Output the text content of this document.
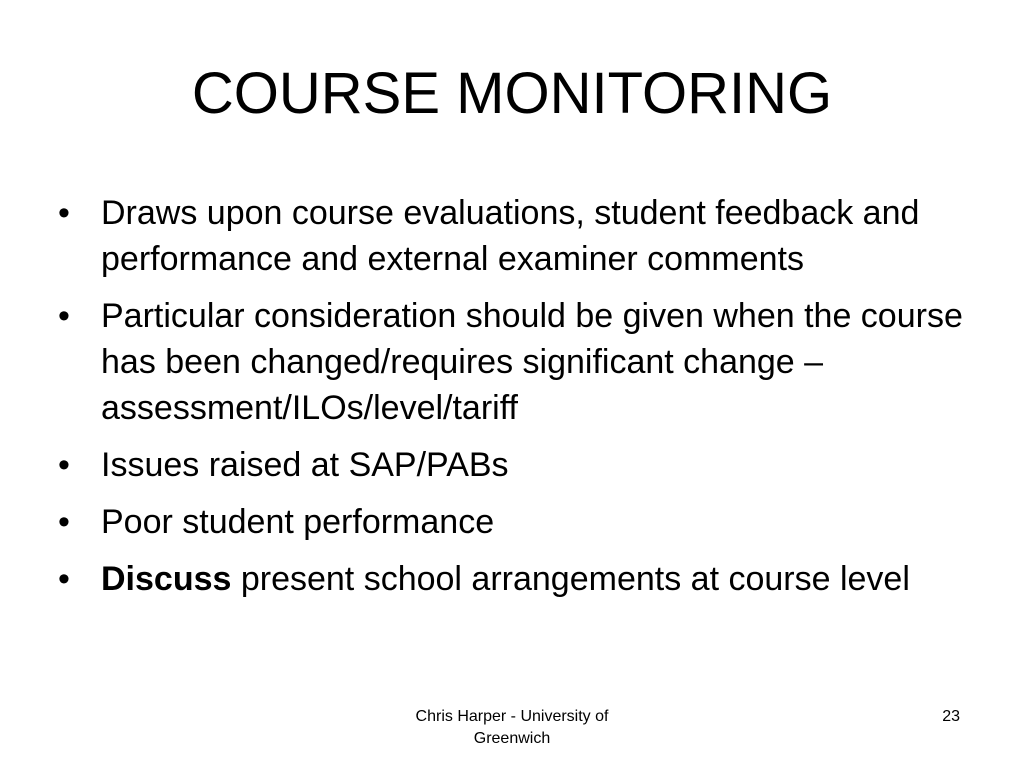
COURSE MONITORING
• Draws upon course evaluations, student feedback and performance and external examiner comments
• Particular consideration should be given when the course has been changed/requires significant change – assessment/ILOs/level/tariff
• Issues raised at SAP/PABs
• Poor student performance
• Discuss present school arrangements at course level
Chris Harper - University of
Greenwich
23
